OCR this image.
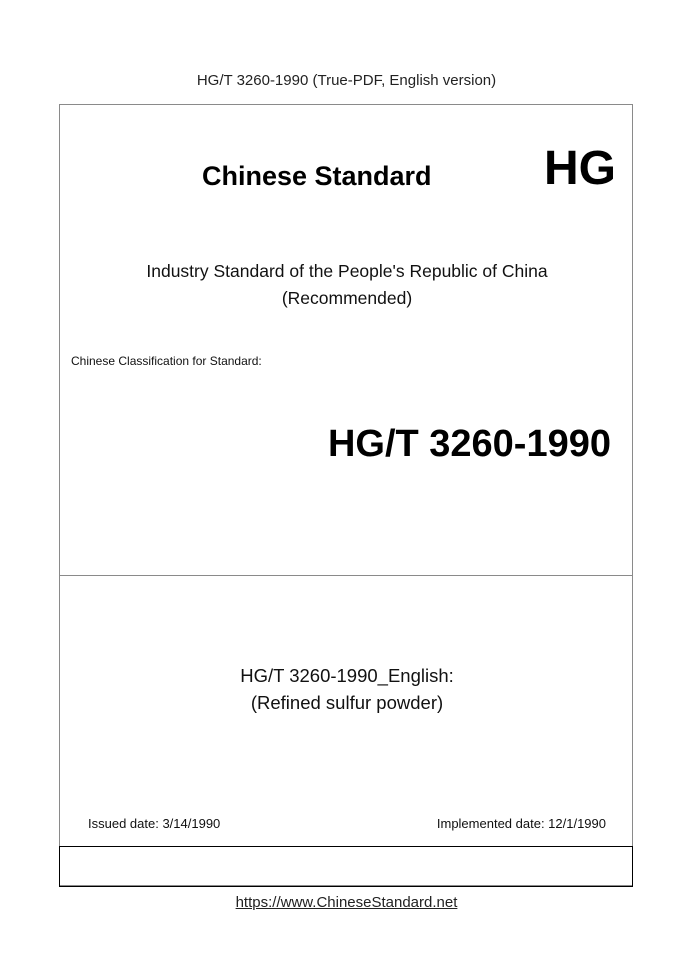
HG/T 3260-1990 (True-PDF, English version)
Chinese Standard HG
Industry Standard of the People's Republic of China
(Recommended)
Chinese Classification for Standard:
HG/T 3260-1990
HG/T 3260-1990_English:
(Refined sulfur powder)
Issued date: 3/14/1990	Implemented date: 12/1/1990
https://www.ChineseStandard.net
